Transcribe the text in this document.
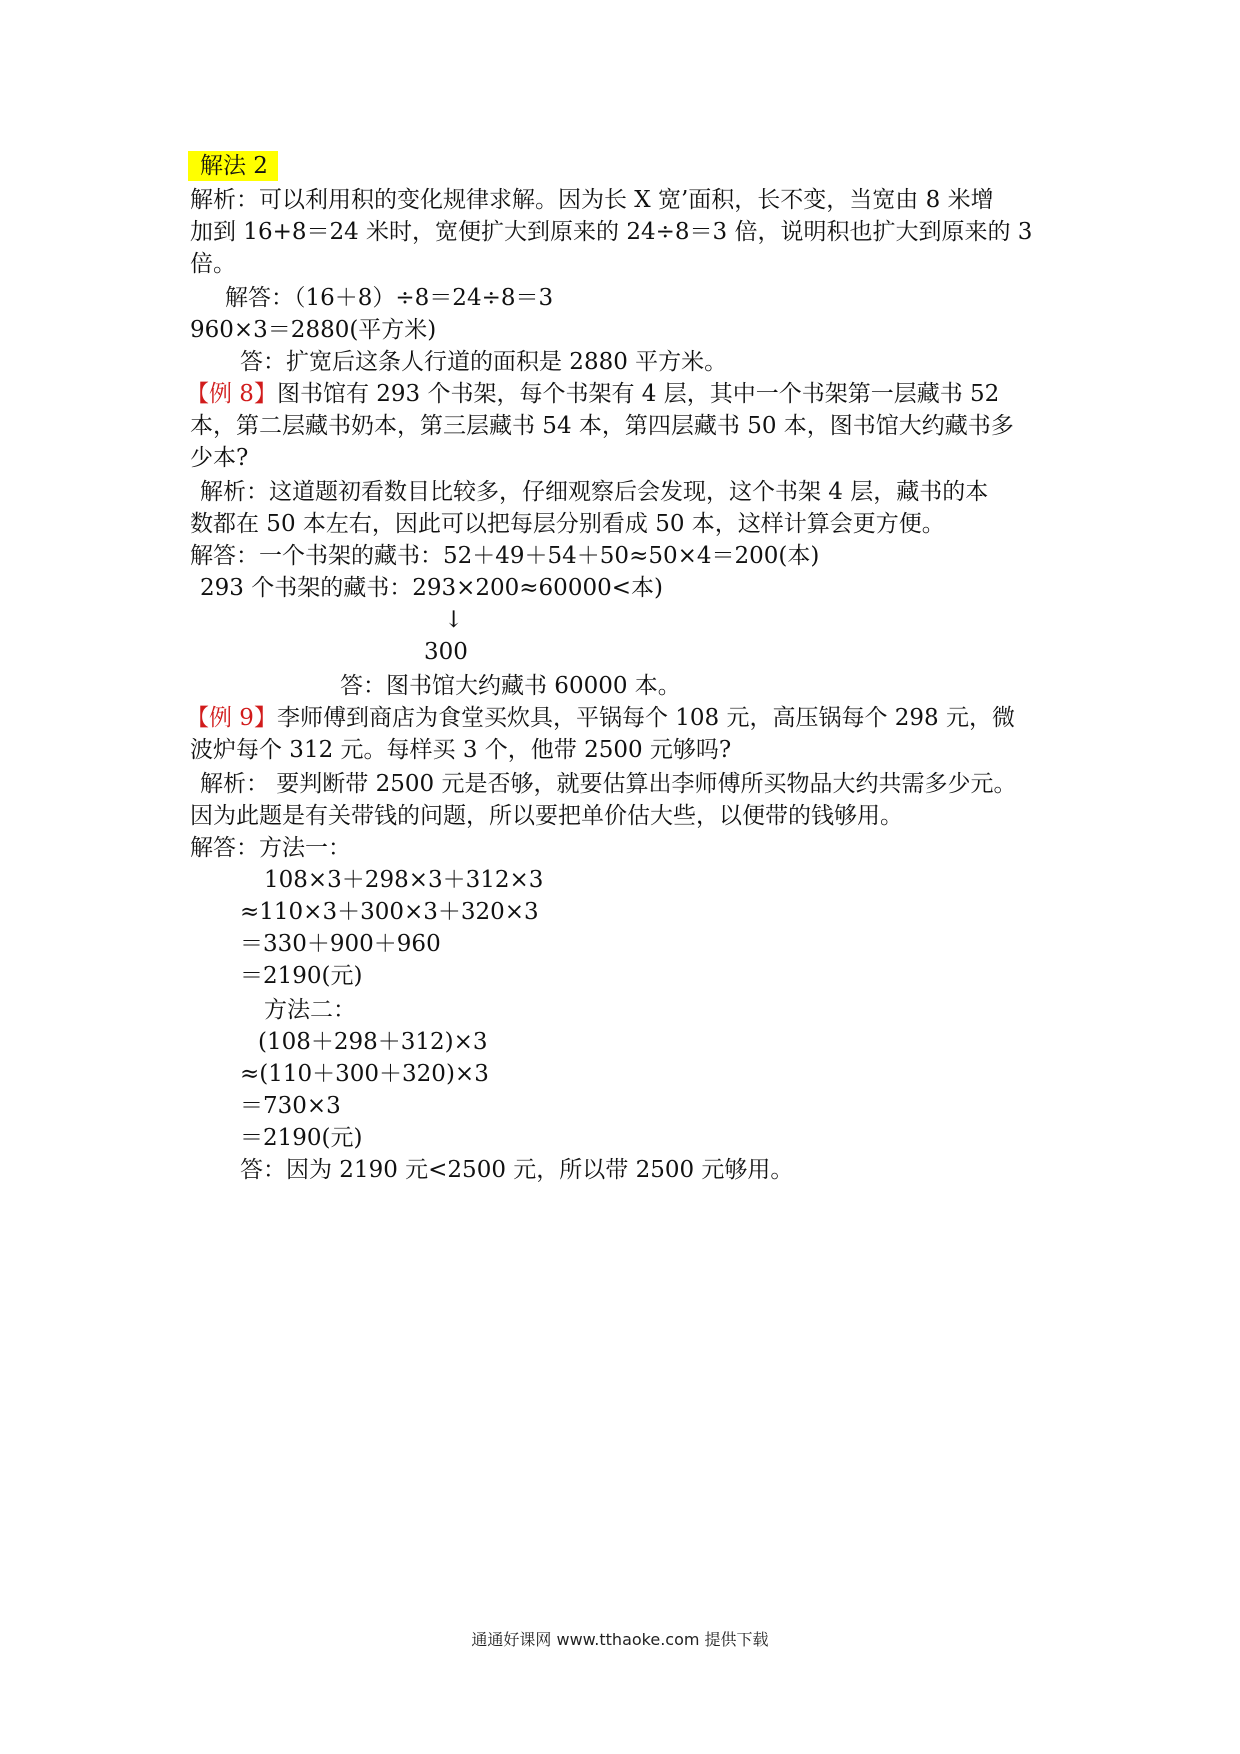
解法 2
解析：可以利用积的变化规律求解。因为长 X 宽’面积，长不变，当宽由 8 米增
加到 16+8＝24 米时，宽便扩大到原来的 24÷8＝3 倍，说明积也扩大到原来的 3
倍。
解答：（16＋8）÷8＝24÷8＝3
960×3＝2880(平方米)
答：扩宽后这条人行道的面积是 2880 平方米。
【例 8】图书馆有 293 个书架，每个书架有 4 层，其中一个书架第一层藏书 52
本，第二层藏书奶本，第三层藏书 54 本，第四层藏书 50 本，图书馆大约藏书多
少本?
解析：这道题初看数目比较多，仔细观察后会发现，这个书架 4 层，藏书的本
数都在 50 本左右，因此可以把每层分别看成 50 本，这样计算会更方便。
解答：一个书架的藏书：52＋49＋54＋50≈50×4＝200(本)
293 个书架的藏书：293×200≈60000<本)
↓
300
答：图书馆大约藏书 60000 本。
【例 9】李师傅到商店为食堂买炊具，平锅每个 108 元，高压锅每个 298 元，微
波炉每个 312 元。每样买 3 个，他带 2500 元够吗?
解析： 要判断带 2500 元是否够，就要估算出李师傅所买物品大约共需多少元。
因为此题是有关带钱的问题，所以要把单价估大些，以便带的钱够用。
解答：方法一：
108×3＋298×3＋312×3
≈110×3＋300×3＋320×3
＝330＋900＋960
＝2190(元)
方法二：
(108＋298＋312)×3
≈(110＋300＋320)×3
＝730×3
＝2190(元)
答：因为 2190 元<2500 元，所以带 2500 元够用。
通通好课网 www.tthaoke.com 提供下载
